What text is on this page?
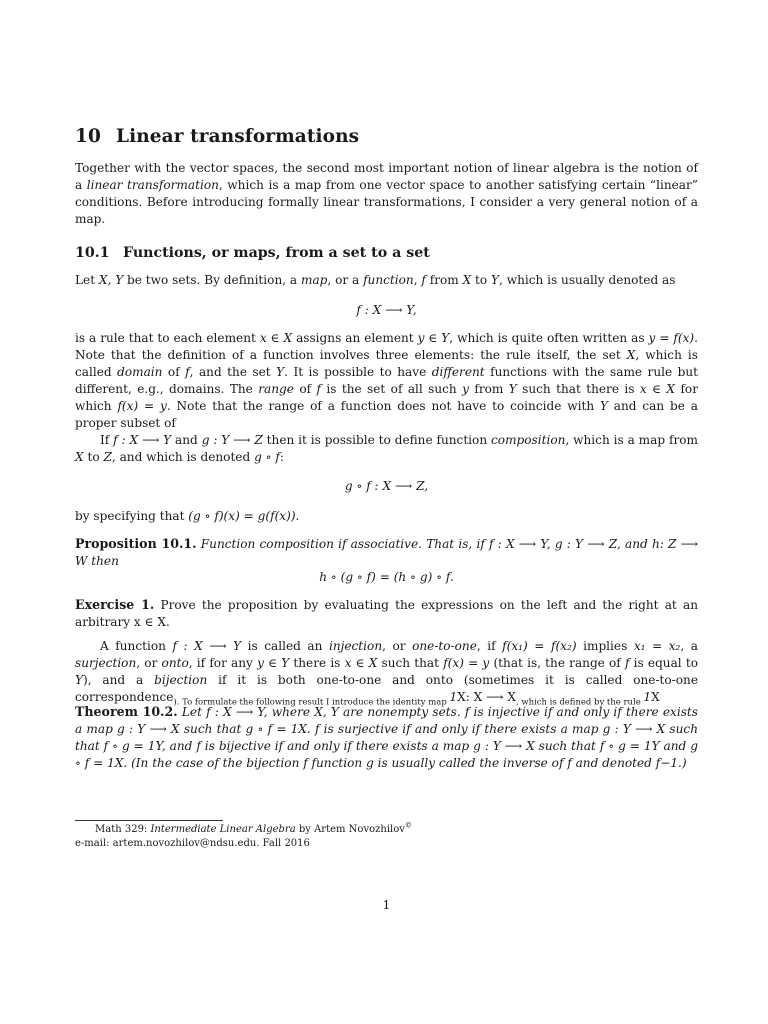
10 Linear transformations
Together with the vector spaces, the second most important notion of linear algebra is the notion of a linear transformation, which is a map from one vector space to another satisfying certain “linear” conditions. Before introducing formally linear transformations, I consider a very general notion of a map.
10.1 Functions, or maps, from a set to a set
Let X, Y be two sets. By definition, a map, or a function, f from X to Y, which is usually denoted as
f : X ⟶ Y,
is a rule that to each element x ∈ X assigns an element y ∈ Y, which is quite often written as y = f(x). Note that the definition of a function involves three elements: the rule itself, the set X, which is called domain of f, and the set Y. It is possible to have different functions with the same rule but different, e.g., domains. The range of f is the set of all such y from Y such that there is x ∈ X for which f(x) = y. Note that the range of a function does not have to coincide with Y and can be a proper subset of
If f : X ⟶ Y and g : Y ⟶ Z then it is possible to define function composition, which is a map from X to Z, and which is denoted g ∘ f:
g ∘ f : X ⟶ Z,
by specifying that (g ∘ f)(x) = g(f(x)).
Proposition 10.1. Function composition if associative. That is, if f : X ⟶ Y, g : Y ⟶ Z, and h: Z ⟶ W then
h ∘ (g ∘ f) = (h ∘ g) ∘ f.
Exercise 1. Prove the proposition by evaluating the expressions on the left and the right at an arbitrary x ∈ X.
A function f : X ⟶ Y is called an injection, or one-to-one, if f(x₁) = f(x₂) implies x₁ = x₂, a surjection, or onto, if for any y ∈ Y there is x ∈ X such that f(x) = y (that is, the range of f is equal to Y), and a bijection if it is both one-to-one and onto (sometimes it is called one-to-one correspondence$_{). To formulate the following result I introduce the identity map}$ 1X: X ⟶ $X_{, which is defined by the rule}$ 1X
Theorem 10.2. Let f : X ⟶ Y, where X, Y are nonempty sets. f is injective if and only if there exists a map g : Y ⟶ X such that g ∘ f = 1X. f is surjective if and only if there exists a map g : Y ⟶ X such that f ∘ g = 1Y, and f is bijective if and only if there exists a map g : Y ⟶ X such that f ∘ g = 1Y and g ∘ f = 1X. (In the case of the bijection f function g is usually called the inverse of f and denoted f−1.)
Math 329: Intermediate Linear Algebra by Artem Novozhilov©
e-mail: artem.novozhilov@ndsu.edu. Fall 2016
1
